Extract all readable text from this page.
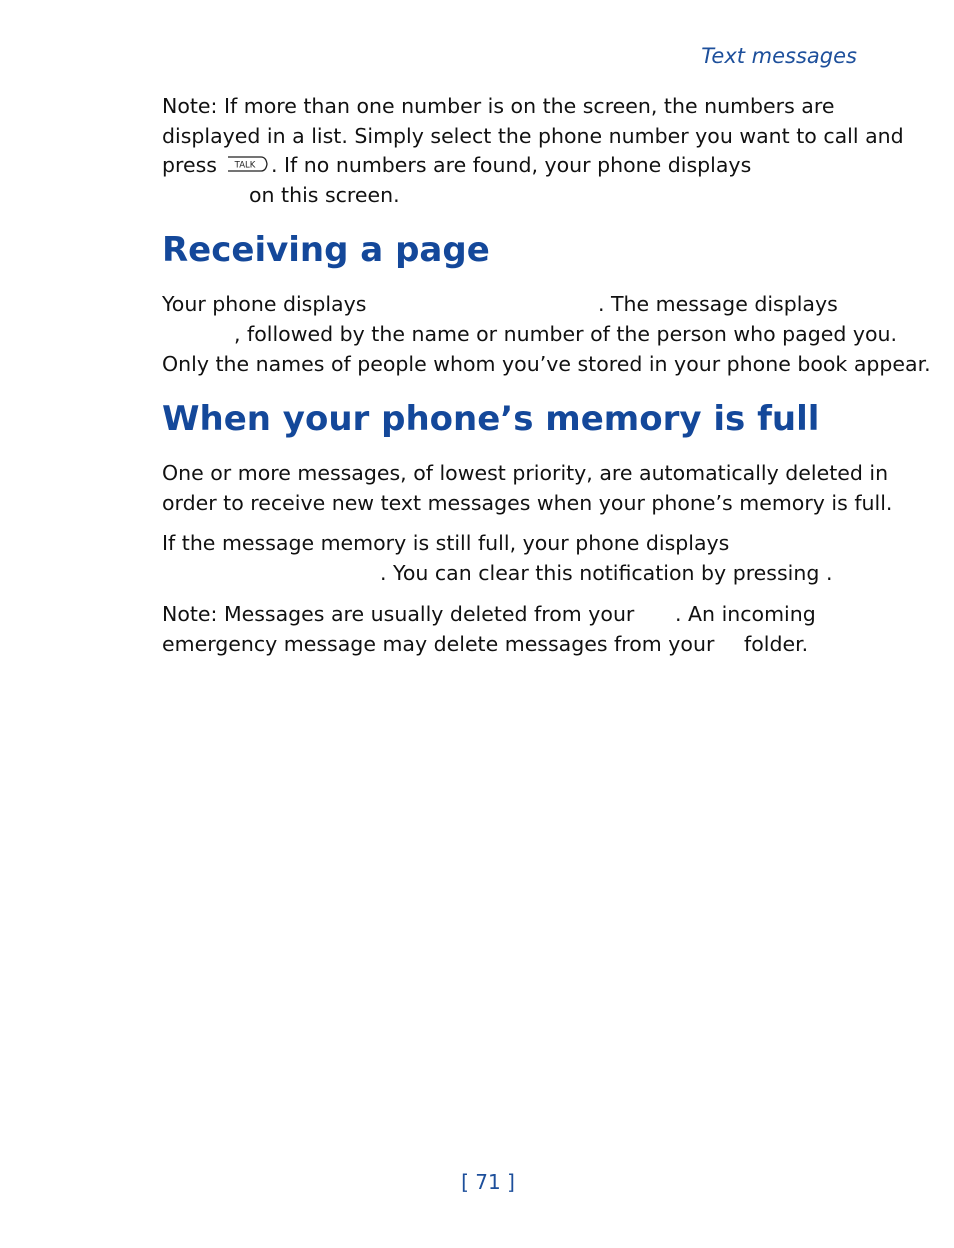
Text messages
Note: If more than one number is on the screen, the numbers are
displayed in a list. Simply select the phone number you want to call and
press TALK . If no numbers are found, your phone displays
on this screen.
Receiving a page
Your phone displays	. The message displays
, followed by the name or number of the person who paged you.
Only the names of people whom you’ve stored in your phone book appear.
When your phone’s memory is full
One or more messages, of lowest priority, are automatically deleted in
order to receive new text messages when your phone’s memory is full.
If the message memory is still full, your phone displays
. You can clear this notification by pressing .
Note: Messages are usually deleted from your . An incoming
emergency message may delete messages from your folder.
[ 71 ]
